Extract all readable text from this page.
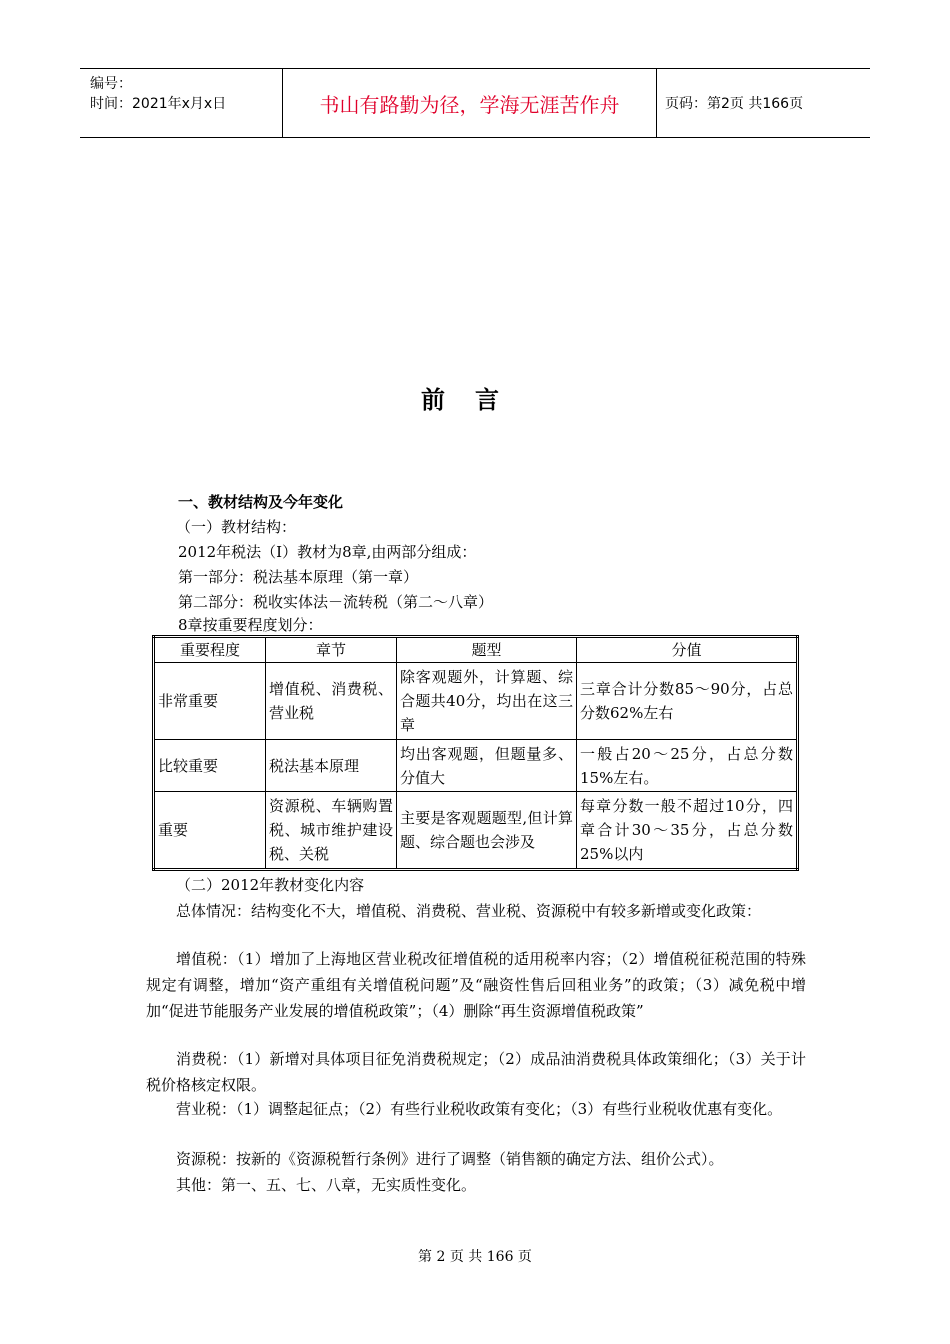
编号：
时间：2021年x月x日	书山有路勤为径，学海无涯苦作舟	页码：第2页 共166页
前言
一、教材结构及今年变化
（一）教材结构：
2012年税法（Ⅰ）教材为8章,由两部分组成：
第一部分：税法基本原理（第一章）
第二部分：税收实体法－流转税（第二～八章）
8章按重要程度划分：
重要程度	章节	题型	分值
非常重要	增值税、消费税、营业税	除客观题外，计算题、综合题共40分，均出在这三章	三章合计分数85～90分，占总分数62%左右
比较重要	税法基本原理	均出客观题，但题量多、分值大	一般占20～25分，占总分数15%左右。
重要	资源税、车辆购置税、城市维护建设税、关税	主要是客观题题型,但计算题、综合题也会涉及	每章分数一般不超过10分，四章合计30～35分，占总分数25%以内
（二）2012年教材变化内容
总体情况：结构变化不大，增值税、消费税、营业税、资源税中有较多新增或变化政策：
增值税：（1）增加了上海地区营业税改征增值税的适用税率内容；（2）增值税征税范围的特殊规定有调整，增加“资产重组有关增值税问题”及“融资性售后回租业务”的政策；（3）减免税中增加“促进节能服务产业发展的增值税政策”；（4）删除“再生资源增值税政策”
消费税：（1）新增对具体项目征免消费税规定；（2）成品油消费税具体政策细化；（3）关于计税价格核定权限。
营业税：（1）调整起征点；（2）有些行业税收政策有变化；（3）有些行业税收优惠有变化。
资源税：按新的《资源税暂行条例》进行了调整（销售额的确定方法、组价公式）。
其他：第一、五、七、八章，无实质性变化。
第 2 页 共 166 页
